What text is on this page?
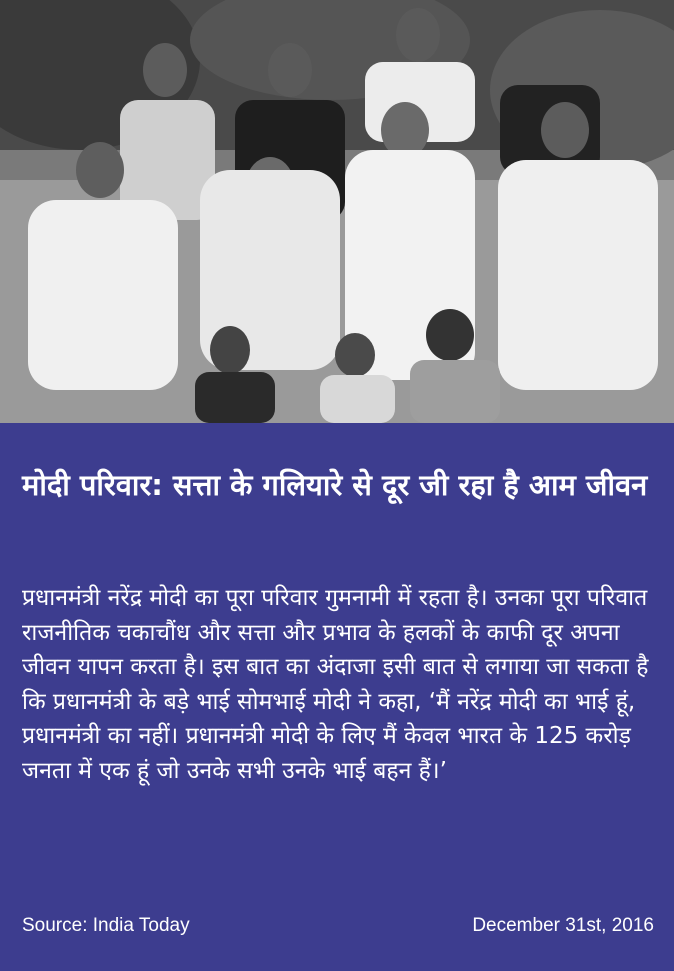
मोदी परिवार: सत्ता के गलियारे से दूर जी रहा है आम जीवन

प्रधानमंत्री नरेंद्र मोदी का पूरा परिवार गुमनामी में रहता है। उनका पूरा परिवात राजनीतिक चकाचौंध और सत्ता और प्रभाव के हलकों के काफी दूर अपना जीवन यापन करता है। इस बात का अंदाजा इसी बात से लगाया जा सकता है कि प्रधानमंत्री के बड़े भाई सोमभाई मोदी ने कहा, ‘मैं नरेंद्र मोदी का भाई हूं, प्रधानमंत्री का नहीं। प्रधानमंत्री मोदी के लिए मैं केवल भारत के 125 करोड़ जनता में एक हूं जो उनके सभी उनके भाई बहन हैं।’

Source: India Today	December 31st, 2016
